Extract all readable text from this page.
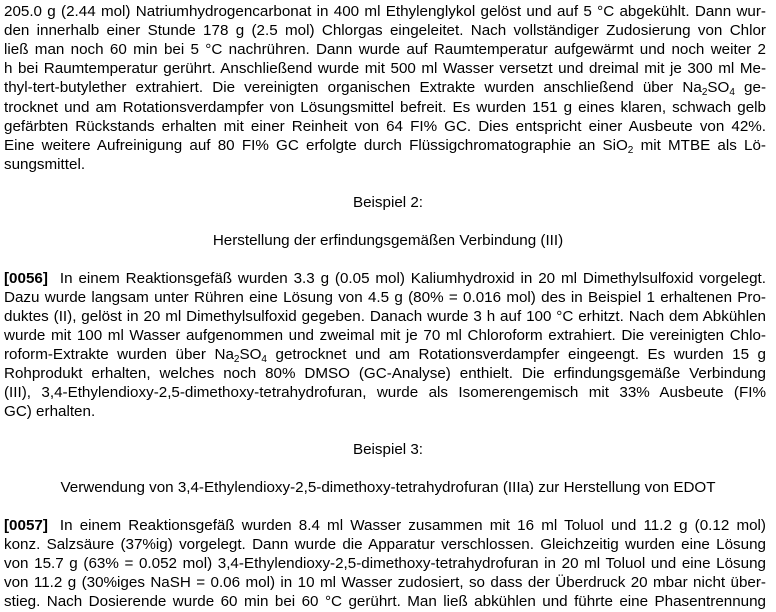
205.0 g (2.44 mol) Natriumhydrogencarbonat in 400 ml Ethylenglykol gelöst und auf 5 °C abgekühlt. Dann wur-
den innerhalb einer Stunde 178 g (2.5 mol) Chlorgas eingeleitet. Nach vollständiger Zudosierung von Chlor
ließ man noch 60 min bei 5 °C nachrühren. Dann wurde auf Raumtemperatur aufgewärmt und noch weiter 2
h bei Raumtemperatur gerührt. Anschließend wurde mit 500 ml Wasser versetzt und dreimal mit je 300 ml Me-
thyl-tert-butylether extrahiert. Die vereinigten organischen Extrakte wurden anschließend über $Na_2SO_4$ ge-
trocknet und am Rotationsverdampfer von Lösungsmittel befreit. Es wurden 151 g eines klaren, schwach gelb
gefärbten Rückstands erhalten mit einer Reinheit von 64 FI% GC. Dies entspricht einer Ausbeute von 42%.
Eine weitere Aufreinigung auf 80 FI% GC erfolgte durch Flüssigchromatographie an SiO$_2$ mit MTBE als Lö-
sungsmittel.
Beispiel 2:
Herstellung der erfindungsgemäßen Verbindung (III)
[0056] In einem Reaktionsgefäß wurden 3.3 g (0.05 mol) Kaliumhydroxid in 20 ml Dimethylsulfoxid vorgelegt.
Dazu wurde langsam unter Rühren eine Lösung von 4.5 g (80% = 0.016 mol) des in Beispiel 1 erhaltenen Pro-
duktes (II), gelöst in 20 ml Dimethylsulfoxid gegeben. Danach wurde 3 h auf 100 °C erhitzt. Nach dem Abkühlen
wurde mit 100 ml Wasser aufgenommen und zweimal mit je 70 ml Chloroform extrahiert. Die vereinigten Chlo-
roform-Extrakte wurden über $Na_2SO_4$ getrocknet und am Rotationsverdampfer eingeengt. Es wurden 15 g
Rohprodukt erhalten, welches noch 80% DMSO (GC-Analyse) enthielt. Die erfindungsgemäße Verbindung
(III), 3,4-Ethylendioxy-2,5-dimethoxy-tetrahydrofuran, wurde als Isomerengemisch mit 33% Ausbeute (FI%
GC) erhalten.
Beispiel 3:
Verwendung von 3,4-Ethylendioxy-2,5-dimethoxy-tetrahydrofuran (IIIa) zur Herstellung von EDOT
[0057] In einem Reaktionsgefäß wurden 8.4 ml Wasser zusammen mit 16 ml Toluol und 11.2 g (0.12 mol)
konz. Salzsäure (37%ig) vorgelegt. Dann wurde die Apparatur verschlossen. Gleichzeitig wurden eine Lösung
von 15.7 g (63% = 0.052 mol) 3,4-Ethylendioxy-2,5-dimethoxy-tetrahydrofuran in 20 ml Toluol und eine Lösung
von 11.2 g (30%iges NaSH = 0.06 mol) in 10 ml Wasser zudosiert, so dass der Überdruck 20 mbar nicht über-
stieg. Nach Dosierende wurde 60 min bei 60 °C gerührt. Man ließ abkühlen und führte eine Phasentrennung
